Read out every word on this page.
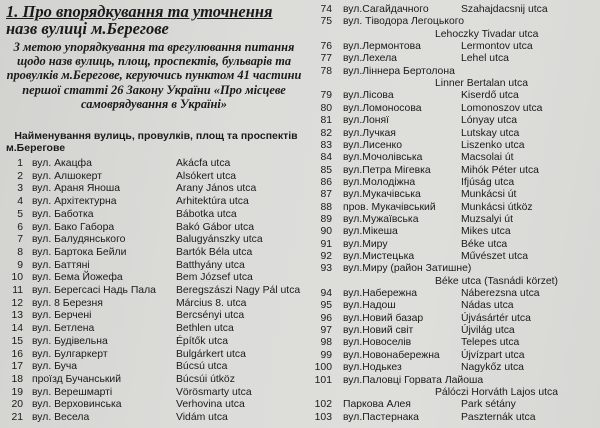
1. Про впорядкування та уточнення
назв вулиці м.Берегове

З метою упорядкування та врегулювання питання щодо назв вулиць, площ, проспектів, бульварів та провулків м.Берегове, керуючись пунктом 41 частини першої статті 26 Закону України «Про місцеве самоврядування в Україні»

Найменування вулиць, провулків, площ та проспектів
м.Берегове
1 вул. Акацфа	Akácfa utca
2 вул. Алшокерт	Alsókert utca
3 вул. Араня Яноша	Arany János utca
4 вул. Архітектурна	Arhitektúra utca
5 вул. Баботка	Bábotka utca
6 вул. Бако Габора	Bakó Gábor utca
7 вул. Балудянського	Balugyánszky utca
8 вул. Бартока Бейли	Bartók Béla utca
9 вул. Баттяні	Batthyány utca
10 вул. Бема Йожефа	Bem József utca
11 вул. Берегсасі Надь Пала Beregszászi Nagy Pál utca
12 вул. 8 Березня	Március 8. utca
13 вул. Берчені	Bercsényi utca
14 вул. Бетлена	Bethlen utca
15 вул. Будівельна	Építők utca
16 вул. Булгаркерт	Bulgárkert utca
17 вул. Буча	Búcsú utca
18 проїзд Бучанський	Búcsúi útköz
19 вул. Верешмарті	Vörösmarty utca
20 вул. Верховинська	Verhovina utca
21 вул. Весела	Vidám utca
74 вул.Сагайдачного	Szahajdacsnij utca
75 вул. Тіводора Легоцького
Lehoczky Tivadar utca
76 вул.Лермонтова	Lermontov utca
77 вул.Лехела	Lehel utca
78 вул.Ліннера Бертолона
Linner Bertalan utca
79 вул.Лісова	Kiserdő utca
80 вул.Ломоносова	Lomonoszov utca
81 вул.Лоняї	Lónyay utca
82 вул.Лучкая	Lutskay utca
83 вул.Лисенко	Liszenko utca
84 вул.Мочолівська	Macsolai út
85 вул.Петра Мігевка	Mihók Péter utca
86 вул.Молодіжна	Ifjúság utca
87 вул.Мукачівська	Munkácsi út
88 пров. Мукачівський Munkácsi útköz
89 вул.Мужаївська	Muzsalyi út
90 вул.Мікеша	Mikes utca
91 вул.Миру	Béke utca
92 вул.Мистецька	Művészet utca
93 вул.Миру (район Затишне)
Béke utca (Tasnádi körzet)
94 вул.Набережна	Náberezsna utca
95 вул.Надош	Nádas utca
96 вул.Новий базар	Újvásártér utca
97 вул.Новий світ	Újvilág utca
98 вул.Новоселів	Telepes utca
99 вул.Новонабережна Újvízpart utca
100 вул.Нодькез	Nagykőz utca
101 вул.Паловці Горвата Лайоша
Pálóczi Horváth Lajos utca
102 Паркова Алея	Park sétány
103 вул.Пастернака	Paszternák utca
